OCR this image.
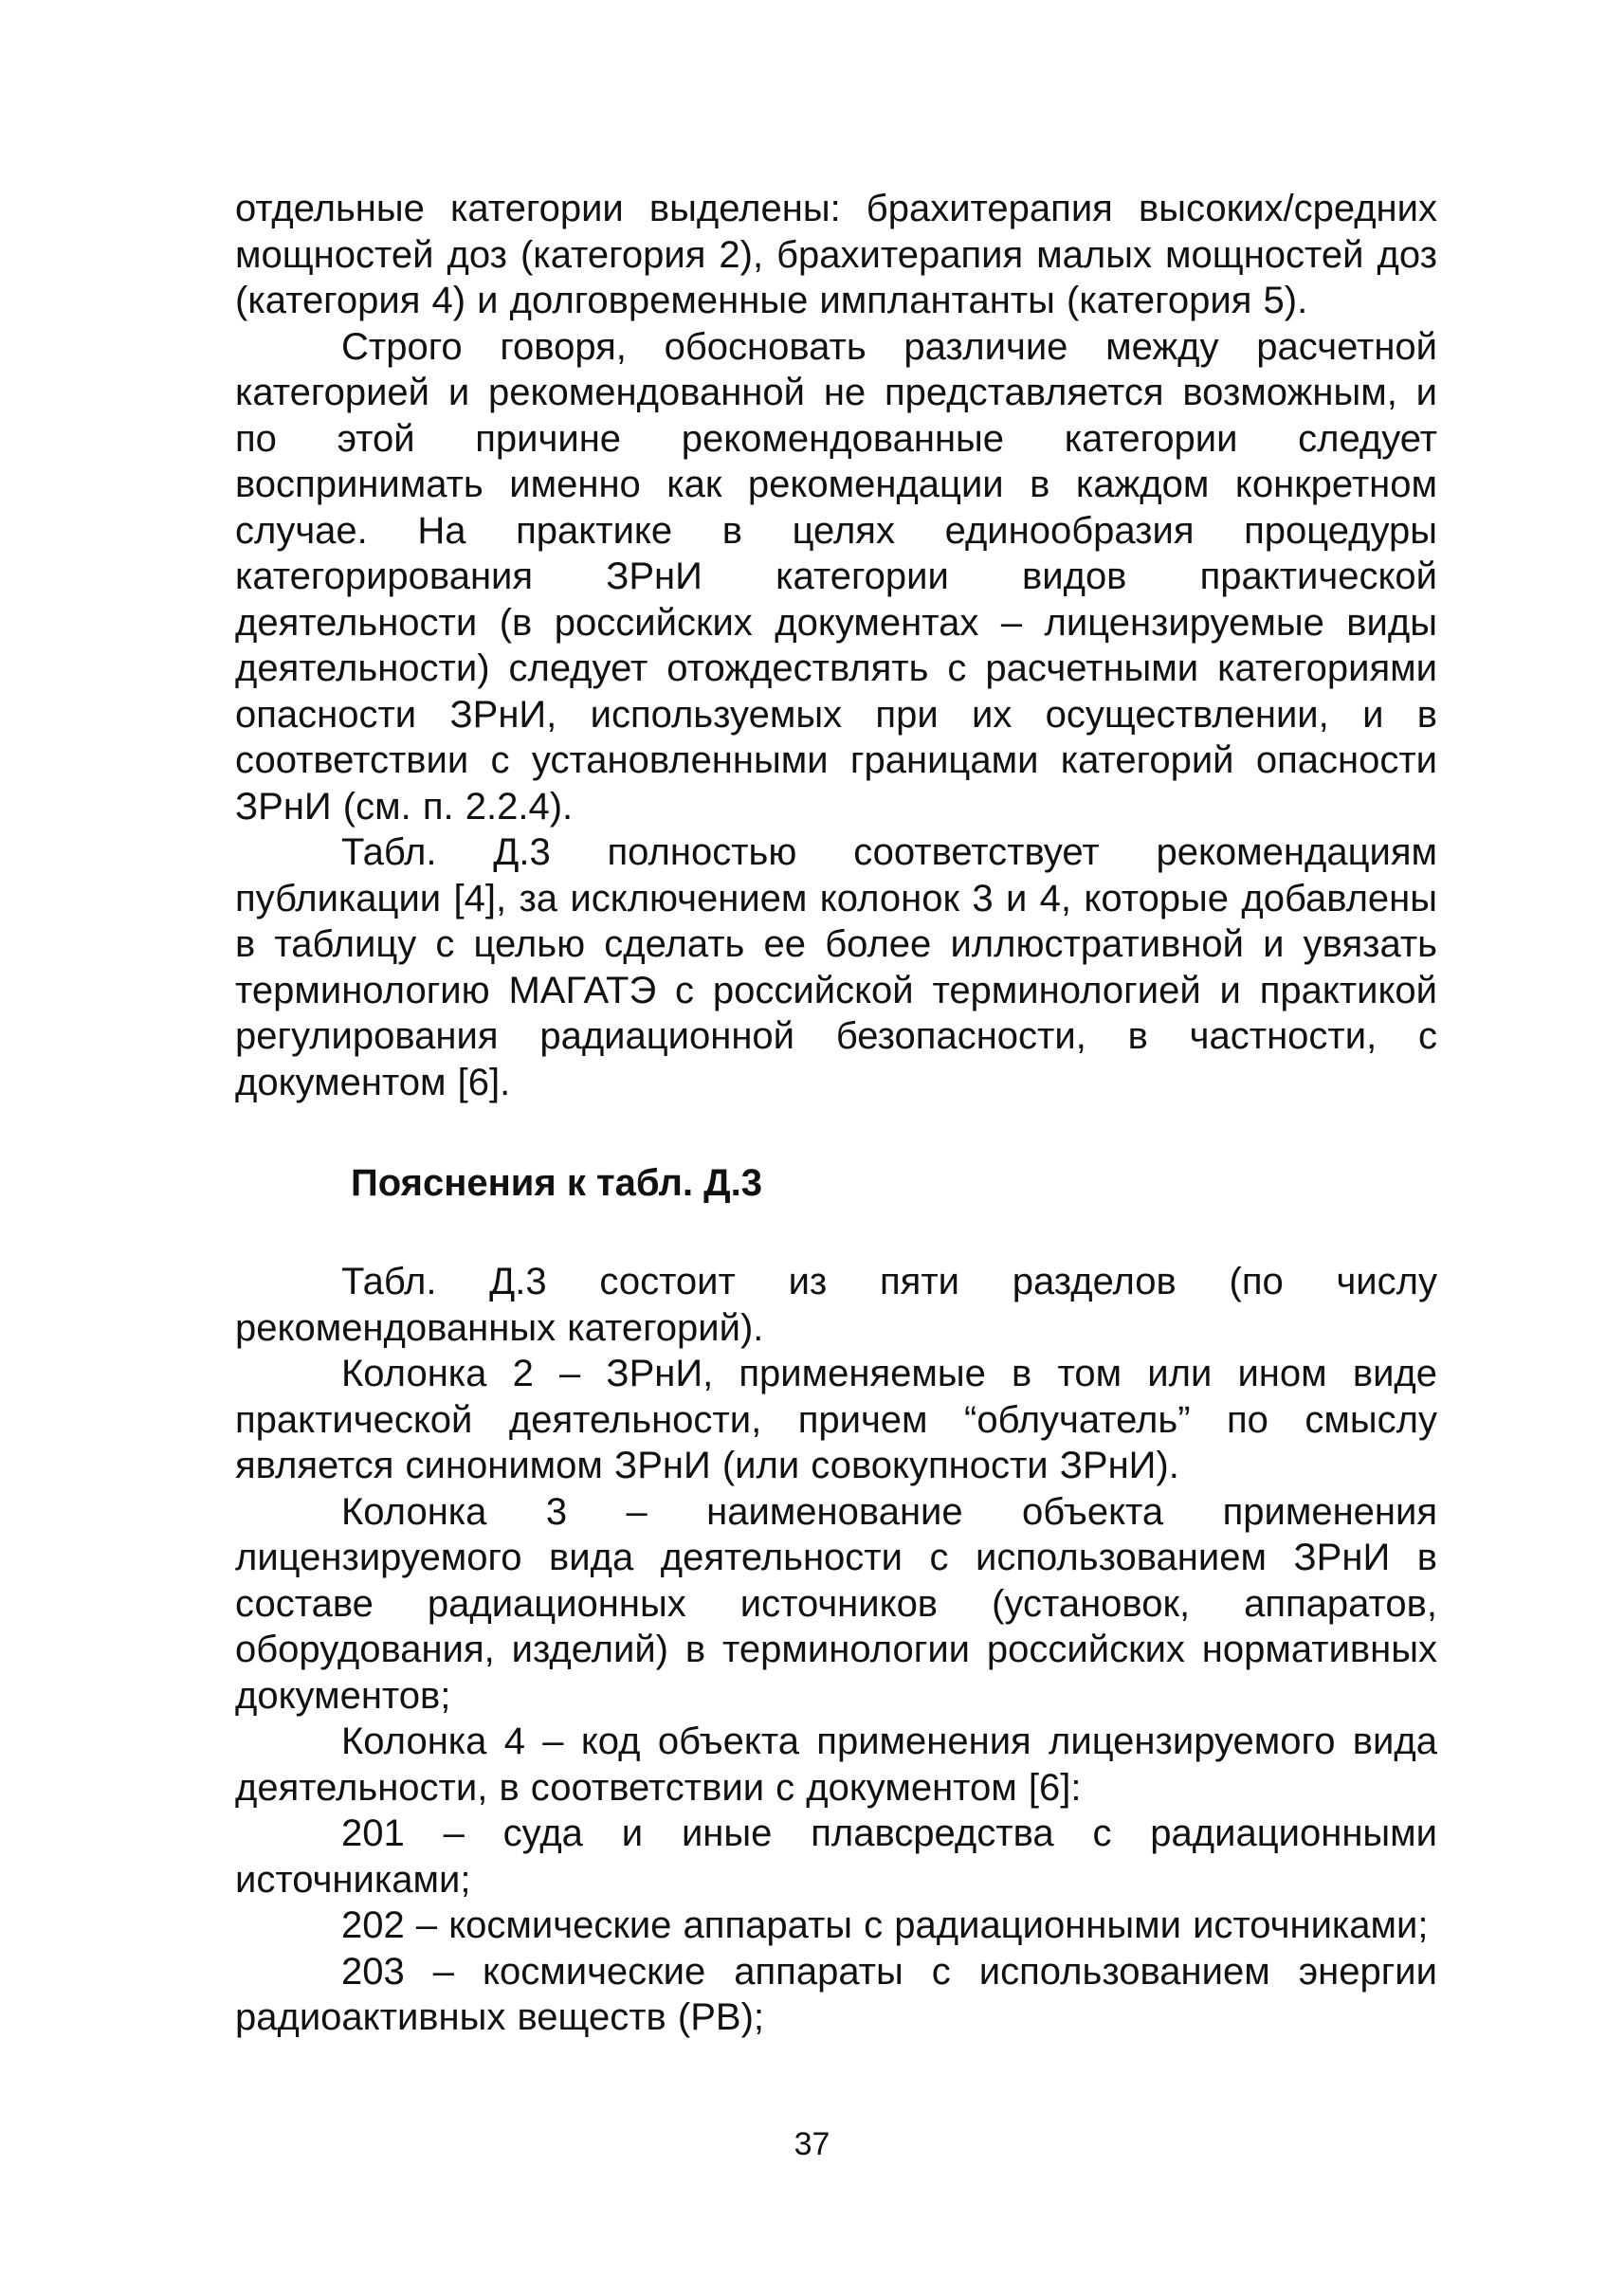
отдельные категории выделены: брахитерапия высоких/средних мощностей доз (категория 2), брахитерапия малых мощностей доз (категория 4) и долговременные имплантанты (категория 5).

Строго говоря, обосновать различие между расчетной категорией и рекомендованной не представляется возможным, и по этой причине рекомендованные категории следует воспринимать именно как рекомендации в каждом конкретном случае. На практике в целях единообразия процедуры категорирования ЗРнИ категории видов практической деятельности (в российских документах – лицензируемые виды деятельности) следует отождествлять с расчетными категориями опасности ЗРнИ, используемых при их осуществлении, и в соответствии с установленными границами категорий опасности ЗРнИ (см. п. 2.2.4).

Табл. Д.3 полностью соответствует рекомендациям публикации [4], за исключением колонок 3 и 4, которые добавлены в таблицу с целью сделать ее более иллюстративной и увязать терминологию МАГАТЭ с российской терминологией и практикой регулирования радиационной безопасности, в частности, с документом [6].

Пояснения к табл. Д.3

Табл. Д.3 состоит из пяти разделов (по числу рекомендованных категорий).

Колонка 2 – ЗРнИ, применяемые в том или ином виде практической деятельности, причем “облучатель” по смыслу является синонимом ЗРнИ (или совокупности ЗРнИ).

Колонка 3 – наименование объекта применения лицензируемого вида деятельности с использованием ЗРнИ в составе радиационных источников (установок, аппаратов, оборудования, изделий) в терминологии российских нормативных документов;

Колонка 4 – код объекта применения лицензируемого вида деятельности, в соответствии с документом [6]:

201 – суда и иные плавсредства с радиационными источниками;

202 – космические аппараты с радиационными источниками;

203 – космические аппараты с использованием энергии радиоактивных веществ (РВ);

37
